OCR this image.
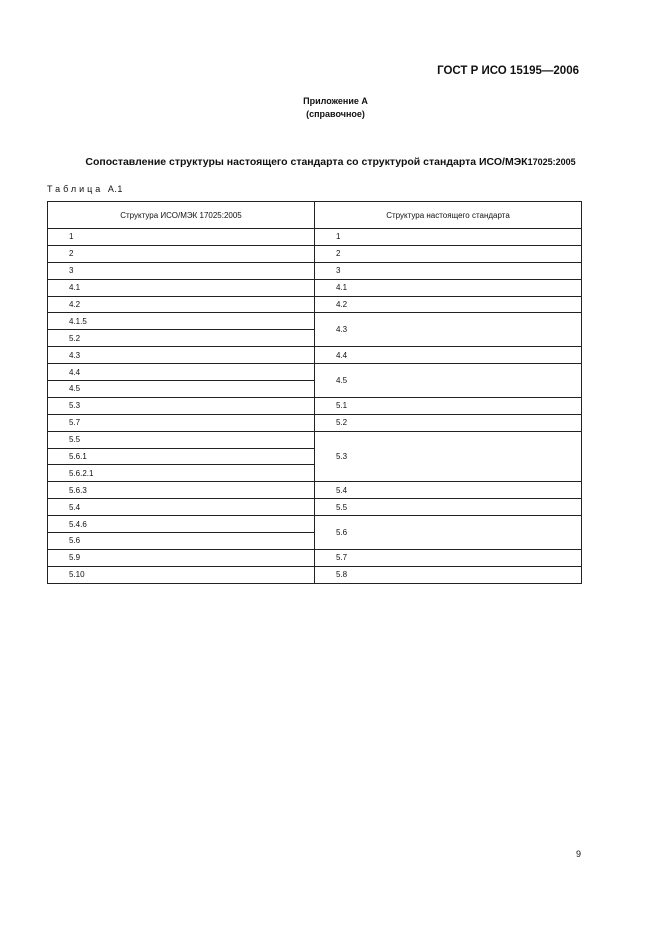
ГОСТ Р ИСО 15195—2006
Приложение А
(справочное)
Сопоставление структуры настоящего стандарта со структурой стандарта ИСО/МЭК17025:2005
Таблица А.1
Структура ИСО/МЭК 17025:2005	Структура настоящего стандарта
1	1
2	2
3	3
4.1	4.1
4.2	4.2
4.1.5	4.3
5.2	
4.3	4.4
4.4	4.5
4.5	
5.3	5.1
5.7	5.2
5.5	5.3
5.6.1	
5.6.2.1	
5.6.3	5.4
5.4	5.5
5.4.6	5.6
5.6	
5.9	5.7
5.10	5.8
9
